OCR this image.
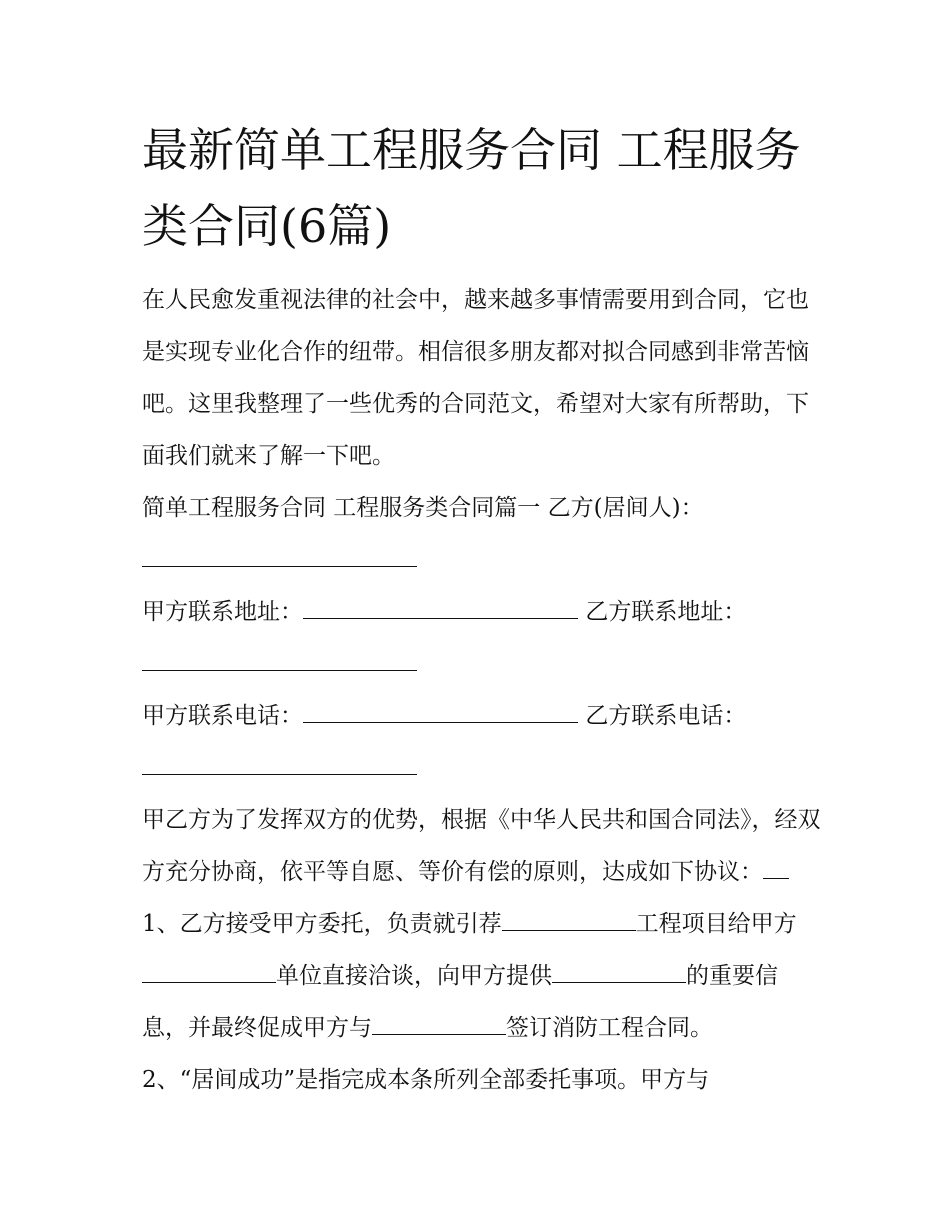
最新简单工程服务合同 工程服务类合同(6篇)

在人民愈发重视法律的社会中，越来越多事情需要用到合同，它也是实现专业化合作的纽带。相信很多朋友都对拟合同感到非常苦恼吧。这里我整理了一些优秀的合同范文，希望对大家有所帮助，下面我们就来了解一下吧。

简单工程服务合同 工程服务类合同篇一 乙方(居间人)：

甲方联系地址：	乙方联系地址：

甲方联系电话：	乙方联系电话：

甲乙方为了发挥双方的优势，根据《中华人民共和国合同法》，经双方充分协商，依平等自愿、等价有偿的原则，达成如下协议：

1、乙方接受甲方委托，负责就引荐	工程项目给甲方单位直接洽谈，向甲方提供	的重要信息，并最终促成甲方与	签订消防工程合同。

2、“居间成功”是指完成本条所列全部委托事项。甲方与
